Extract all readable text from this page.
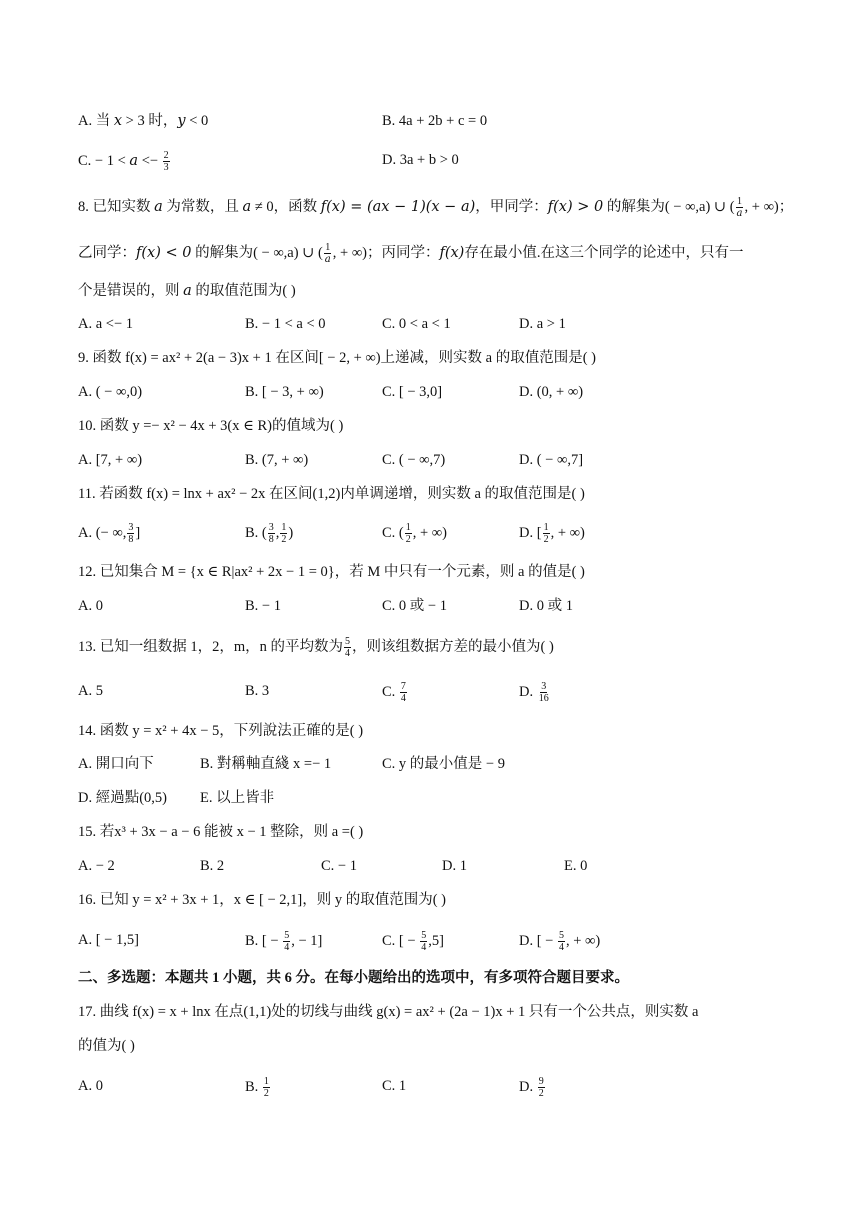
A. 当 x > 3 时，y < 0	B. 4a + 2b + c = 0
C. − $1 < a <- \frac{2}{3}$	D. 3a + b > 0
8. 已知实数 a 为常数，且 a ≠ 0，函数 f(x) = (ax − 1)(x − a)，甲同学：f(x) > 0 的解集为( − ∞,a) ∪ ( $\frac{1}{a}$ , + ∞)；
乙同学：f(x) < 0 的解集为( − ∞,a) ∪ ( $\frac{1}{a}$ , + ∞)；丙同学：f(x)存在最小值.在这三个同学的论述中，只有一
个是错误的，则 a 的取值范围为( )
A. a <− 1	B. − 1 < a < 0	C. 0 < a < 1	D. a > 1
9. 函数 f(x) = ax² + 2(a − 3)x + 1 在区间[ − 2, + ∞)上递减，则实数 a 的取值范围是( )
A. ( − ∞,0)	B. [ − 3, + ∞)	C. [ − 3,0]	D. (0, + ∞)
10. 函数 y =− x² − 4x + 3(x ∈ R)的值域为( )
A. [7, + ∞)	B. (7, + ∞)	C. ( − ∞,7)	D. ( − ∞,7]
11. 若函数 f(x) = lnx + ax² − 2x 在区间(1,2)内单调递增，则实数 a 的取值范围是( )
A. (− ∞, $\frac{3}{8}$ ]	B. ( $\frac{3}{8}$ , $\frac{1}{2}$ )	C. ( $\frac{1}{2}$ , + ∞)	D. [ $\frac{1}{2}$ , + ∞)
12. 已知集合 M = {x ∈ R|ax² + 2x − 1 = 0}，若 M 中只有一个元素，则 a 的值是( )
A. 0	B. − 1	C. 0 或 − 1	D. 0 或 1
13. 已知一组数据 1，2，m，n 的平均数为 $\frac{5}{4}$ ，则该组数据方差的最小值为( )
A. 5	B. 3	C. $\frac{7}{4}$	D. $\frac{3}{16}$
14. 函数 y = x² + 4x − 5，下列說法正確的是( )
A. 開口向下	B. 對稱軸直綫 x =− 1	C. y 的最小值是 − 9
D. 經過點(0,5) E. 以上皆非
15. 若x³ + 3x − a − 6 能被 x − 1 整除，则 a =( )
A. − 2	B. 2	C. − 1	D. 1	E. 0
16. 已知 y = x² + 3x + 1，x ∈ [ − 2,1]，则 y 的取值范围为( )
A. [ − 1,5]	B. [ − $\frac{5}{4}$ , − 1]	C. [ − $\frac{5}{4} ,5$]	D. [ − $\frac{5}{4}$ , + ∞)
二、多选题：本题共 1 小题，共 6 分。在每小题给出的选项中，有多项符合题目要求。
17. 曲线 f(x) = x + lnx 在点(1,1)处的切线与曲线 g(x) = ax² + (2a − 1)x + 1 只有一个公共点，则实数 a
的值为( )
A. 0	B. $\frac{1}{2}$	C. 1	D. $\frac{9}{2}$
